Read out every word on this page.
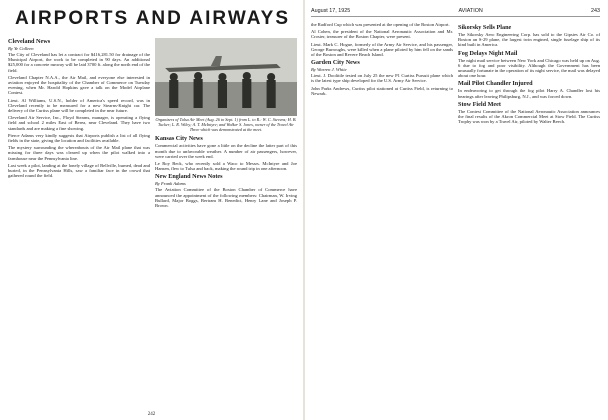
AIRPORTS AND AIRWAYS
Cleveland News
By Ye Colleen

The City of Cleveland has let a contract for $416,281.50 for drainage of the Municipal Airport, the work to be completed in 90 days. An additional $25,000 for a concrete runway will be laid 3700 ft. along the north end of the field.

Cleveland Chapter N.A.A., the Air Mail, and everyone else interested in aviation enjoyed the hospitality of the Chamber of Commerce on Tuesday evening, when Mr. Harold Hopkins gave a talk on the Model Airplane Contest.

Lieut. Al Williams, U.S.N., holder of America's speed record, was in Cleveland recently to be measured for a new Stearns-Knight car. The delivery of the Curtiss plane will be completed in the near future.

Cleveland Air Service, Inc., Floyd Stearns, manager, is operating a flying field and school 2 miles East of Berea, near Cleveland. They have two standards and are making a fine showing.

Pierce Adams very kindly suggests that Airports publish a list of all flying fields in the state, giving the location and facilities available.

The mystery surrounding the whereabouts of the Air Mail plane that was missing for three days was cleared up when the pilot walked into a farmhouse near the Pennsylvania line.

Last week a pilot, landing at the lonely village of Bellville, burned, dead and buried, in the Pennsylvania Hills, saw a familiar face in the crowd that gathered round the field.

Organizers of Tulsa Air Meet (Aug. 26 to Sept. 1) from L. to R.: W. C. Stevens; H. B. Tucker; L. R. Wiley; A. T. McIntyre; and Walker S. Jones, owner of the Travel Air Three which was demonstrated at the meet.
Kansas City News

Commercial activities have gone a little on the decline the latter part of this month due to unfavorable weather. A number of air passengers, however, were carried over the week end.

Le Roy Beck, who recently sold a Waco to Messrs. McIntyre and Joe Hansen, flew to Tulsa and back, making the round trip in one afternoon.

New England News Notes
By Frank Adams

The Aviation Committee of the Boston Chamber of Commerce have announced the appointment of the following members: Chairman, W. Irving Bullard, Major Boggs, Bertram H. Benedict, Henry Lane and Joseph P. Brown.

242
August 17, 1925	AVIATION	243

the Radford Cup which was presented at the opening of the Boston Airport.

Al Cohen, the president of the National Aeronautic Association and Mr. Crosier, treasurer of the Boston Chapter, were present.

Lieut. Mark C. Hogue, formerly of the Army Air Service, and his passenger, George Burroughs, were killed when a plane piloted by him fell on the sands of the Boston and Revere Beach Island.

Garden City News
By Warren J. White

Lieut. J. Doolittle tested on July 25 the new P1 Curtiss Pursuit plane which is the latest type ship developed for the U.S. Army Air Service.

John Parks Andrews, Curtiss pilot stationed at Curtiss Field, is returning to Newark.

Sikorsky Sells Plane

The Sikorsky Aero Engineering Corp. has sold to the Gipsies Air Co. of Boston an S-29 plane, the largest twin engined, single fuselage ship of its kind built in America.

Fog Delays Night Mail

The night mail service between New York and Chicago was held up on Aug. 6 due to fog and poor visibility. Although the Government has been unusually fortunate in the operation of its night service, the mail was delayed about one hour.

Mail Pilot Chandler Injured

In endeavoring to get through the fog pilot Harry A. Chandler lost his bearings after leaving Philipsburg, N.J., and was forced down.

Stow Field Meet

The Contest Committee of the National Aeronautic Association announces the final results of the Akron Commercial Meet at Stow Field. The Curtiss Trophy was won by a Travel Air, piloted by Walter Beech.
